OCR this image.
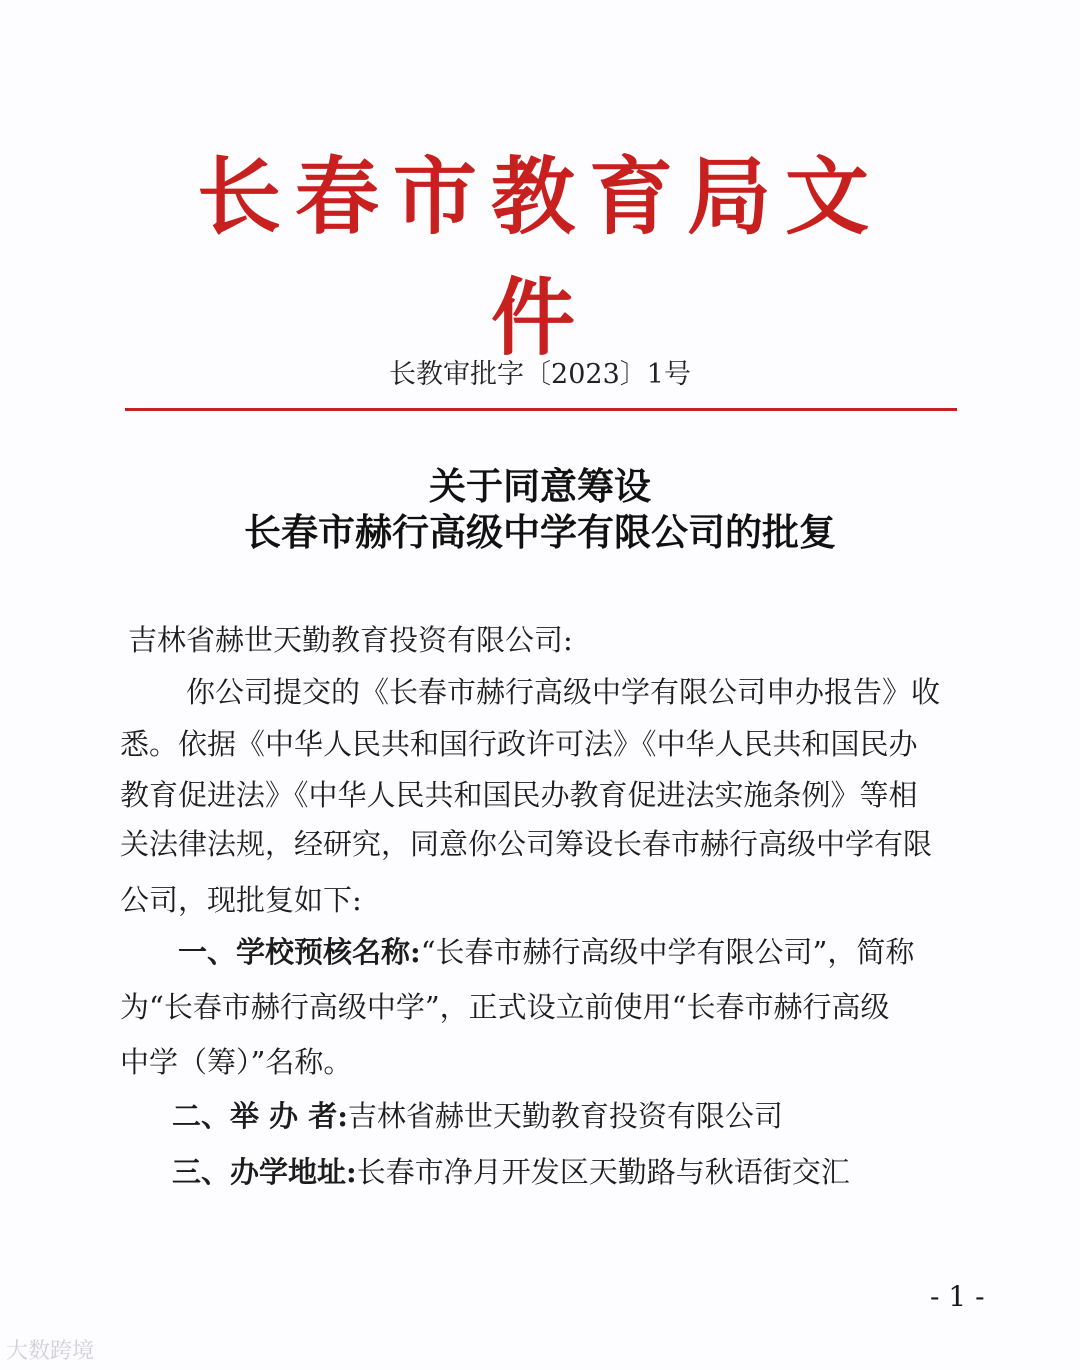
长春市教育局文件
长教审批字〔2023〕1号
关于同意筹设
长春市赫行高级中学有限公司的批复
吉林省赫世天勤教育投资有限公司:
你公司提交的《长春市赫行高级中学有限公司申办报告》收
悉。依据《中华人民共和国行政许可法》《中华人民共和国民办
教育促进法》《中华人民共和国民办教育促进法实施条例》等相
关法律法规，经研究，同意你公司筹设长春市赫行高级中学有限
公司，现批复如下:
一、学校预核名称:“长春市赫行高级中学有限公司”，简称
为“长春市赫行高级中学”，正式设立前使用“长春市赫行高级
中学（筹）”名称。
二、举 办 者:吉林省赫世天勤教育投资有限公司
三、办学地址:长春市净月开发区天勤路与秋语街交汇
- 1 -
大数跨境
